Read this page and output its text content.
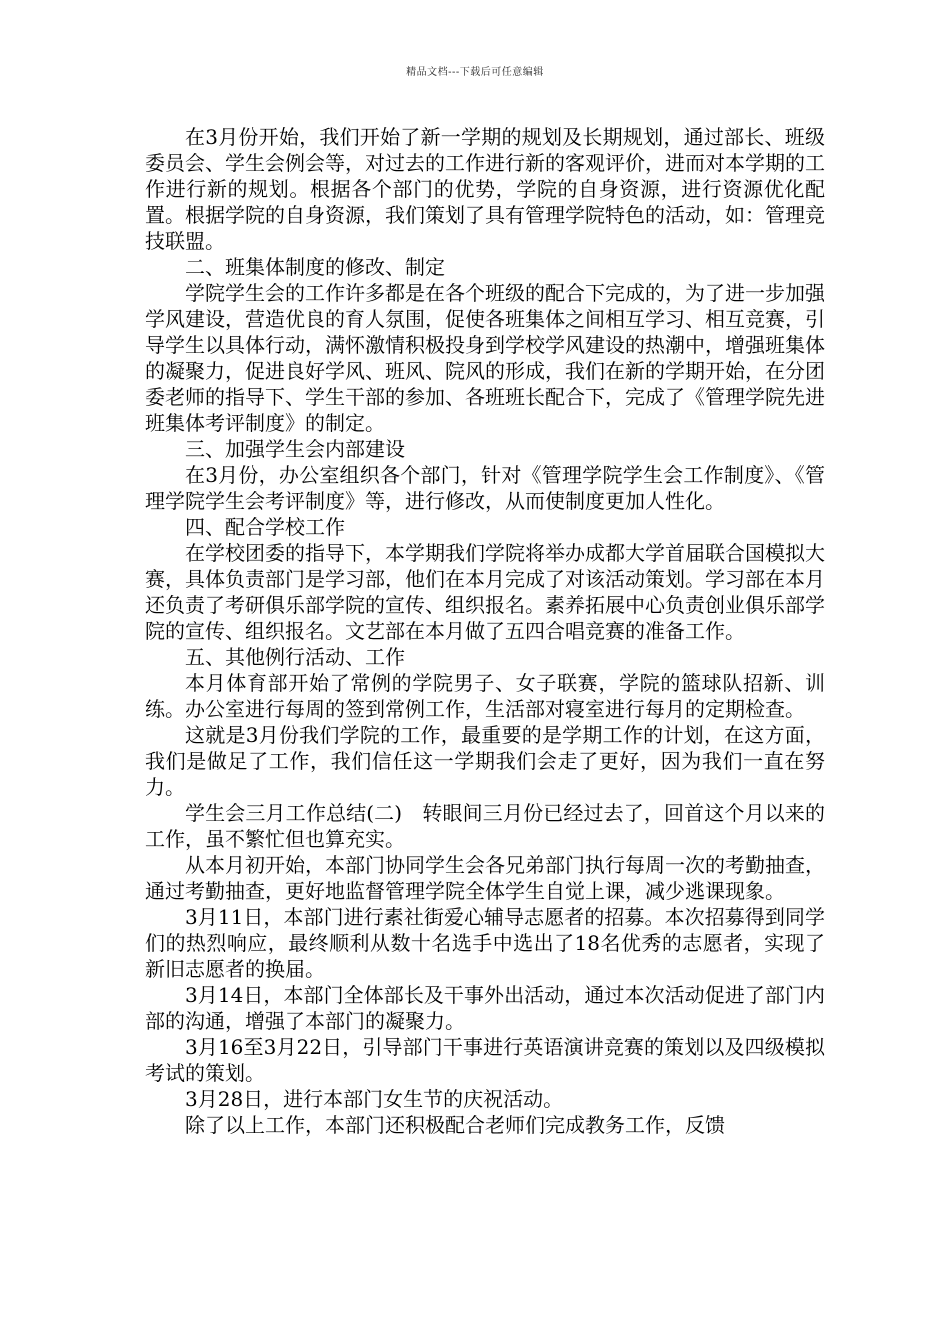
精品文档---下载后可任意编辑

在3月份开始，我们开始了新一学期的规划及长期规划，通过部长、班级委员会、学生会例会等，对过去的工作进行新的客观评价，进而对本学期的工作进行新的规划。根据各个部门的优势，学院的自身资源，进行资源优化配置。根据学院的自身资源，我们策划了具有管理学院特色的活动，如：管理竞技联盟。

二、班集体制度的修改、制定

学院学生会的工作许多都是在各个班级的配合下完成的，为了进一步加强学风建设，营造优良的育人氛围，促使各班集体之间相互学习、相互竞赛，引导学生以具体行动，满怀激情积极投身到学校学风建设的热潮中，增强班集体的凝聚力，促进良好学风、班风、院风的形成，我们在新的学期开始，在分团委老师的指导下、学生干部的参加、各班班长配合下，完成了《管理学院先进班集体考评制度》的制定。

三、加强学生会内部建设

在3月份，办公室组织各个部门，针对《管理学院学生会工作制度》、《管理学院学生会考评制度》等，进行修改，从而使制度更加人性化。

四、配合学校工作

在学校团委的指导下，本学期我们学院将举办成都大学首届联合国模拟大赛，具体负责部门是学习部，他们在本月完成了对该活动策划。学习部在本月还负责了考研俱乐部学院的宣传、组织报名。素养拓展中心负责创业俱乐部学院的宣传、组织报名。文艺部在本月做了五四合唱竞赛的准备工作。

五、其他例行活动、工作

本月体育部开始了常例的学院男子、女子联赛，学院的篮球队招新、训练。办公室进行每周的签到常例工作，生活部对寝室进行每月的定期检查。

这就是3月份我们学院的工作，最重要的是学期工作的计划，在这方面，我们是做足了工作，我们信任这一学期我们会走了更好，因为我们一直在努力。

学生会三月工作总结(二)　转眼间三月份已经过去了，回首这个月以来的工作，虽不繁忙但也算充实。

从本月初开始，本部门协同学生会各兄弟部门执行每周一次的考勤抽查，通过考勤抽查，更好地监督管理学院全体学生自觉上课，减少逃课现象。

3月11日，本部门进行素社街爱心辅导志愿者的招募。本次招募得到同学们的热烈响应，最终顺利从数十名选手中选出了18名优秀的志愿者，实现了新旧志愿者的换届。

3月14日，本部门全体部长及干事外出活动，通过本次活动促进了部门内部的沟通，增强了本部门的凝聚力。

3月16至3月22日，引导部门干事进行英语演讲竞赛的策划以及四级模拟考试的策划。

3月28日，进行本部门女生节的庆祝活动。

除了以上工作，本部门还积极配合老师们完成教务工作，反馈
